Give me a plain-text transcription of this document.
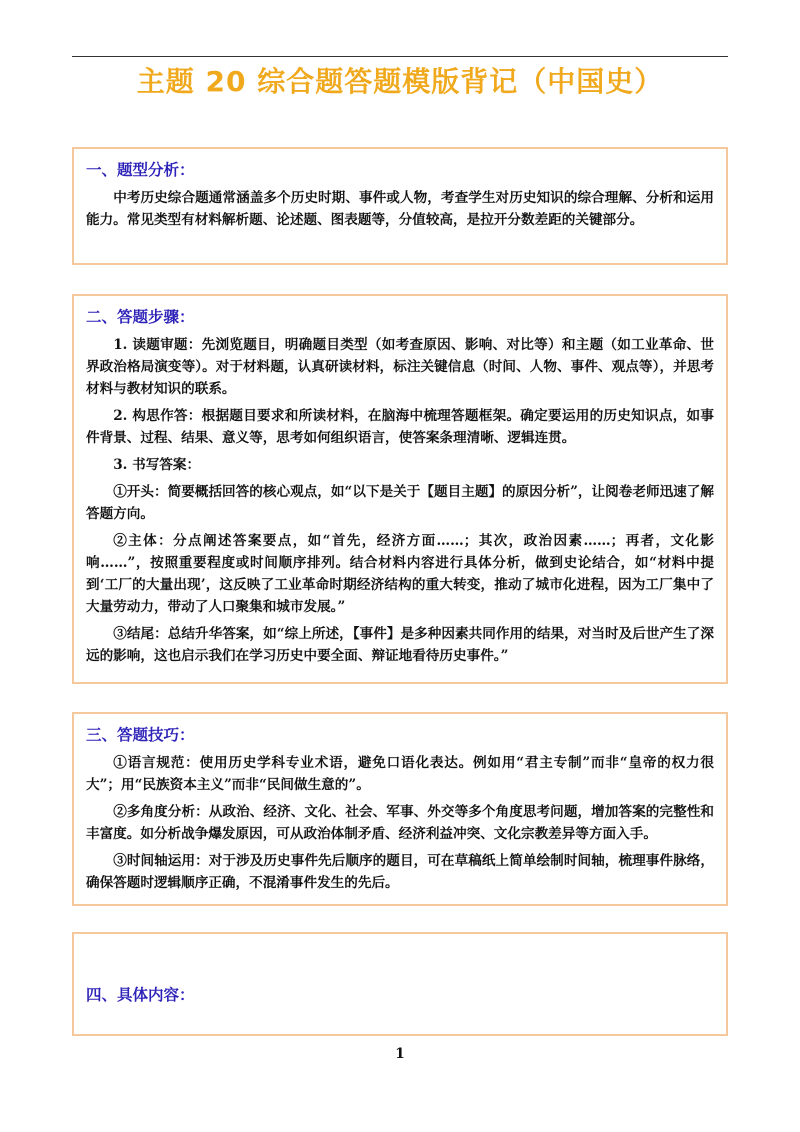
主题 20 综合题答题模版背记（中国史）
一、题型分析：

中考历史综合题通常涵盖多个历史时期、事件或人物，考查学生对历史知识的综合理解、分析和运用能力。常见类型有材料解析题、论述题、图表题等，分值较高，是拉开分数差距的关键部分。

二、答题步骤：

1. 读题审题：先浏览题目，明确题目类型（如考查原因、影响、对比等）和主题（如工业革命、世界政治格局演变等）。对于材料题，认真研读材料，标注关键信息（时间、人物、事件、观点等），并思考材料与教材知识的联系。

2. 构思作答：根据题目要求和所读材料，在脑海中梳理答题框架。确定要运用的历史知识点，如事件背景、过程、结果、意义等，思考如何组织语言，使答案条理清晰、逻辑连贯。

3. 书写答案：

①开头：简要概括回答的核心观点，如“以下是关于【题目主题】的原因分析”，让阅卷老师迅速了解答题方向。

②主体：分点阐述答案要点，如“首先，经济方面……；其次，政治因素……；再者，文化影响……”，按照重要程度或时间顺序排列。结合材料内容进行具体分析，做到史论结合，如“材料中提到‘工厂的大量出现’，这反映了工业革命时期经济结构的重大转变，推动了城市化进程，因为工厂集中了大量劳动力，带动了人口聚集和城市发展。”

③结尾：总结升华答案，如“综上所述，【事件】是多种因素共同作用的结果，对当时及后世产生了深远的影响，这也启示我们在学习历史中要全面、辩证地看待历史事件。”

三、答题技巧：

①语言规范：使用历史学科专业术语，避免口语化表达。例如用“君主专制”而非“皇帝的权力很大”；用“民族资本主义”而非“民间做生意的”。

②多角度分析：从政治、经济、文化、社会、军事、外交等多个角度思考问题，增加答案的完整性和丰富度。如分析战争爆发原因，可从政治体制矛盾、经济利益冲突、文化宗教差异等方面入手。

③时间轴运用：对于涉及历史事件先后顺序的题目，可在草稿纸上简单绘制时间轴，梳理事件脉络，确保答题时逻辑顺序正确，不混淆事件发生的先后。

四、具体内容：
1
